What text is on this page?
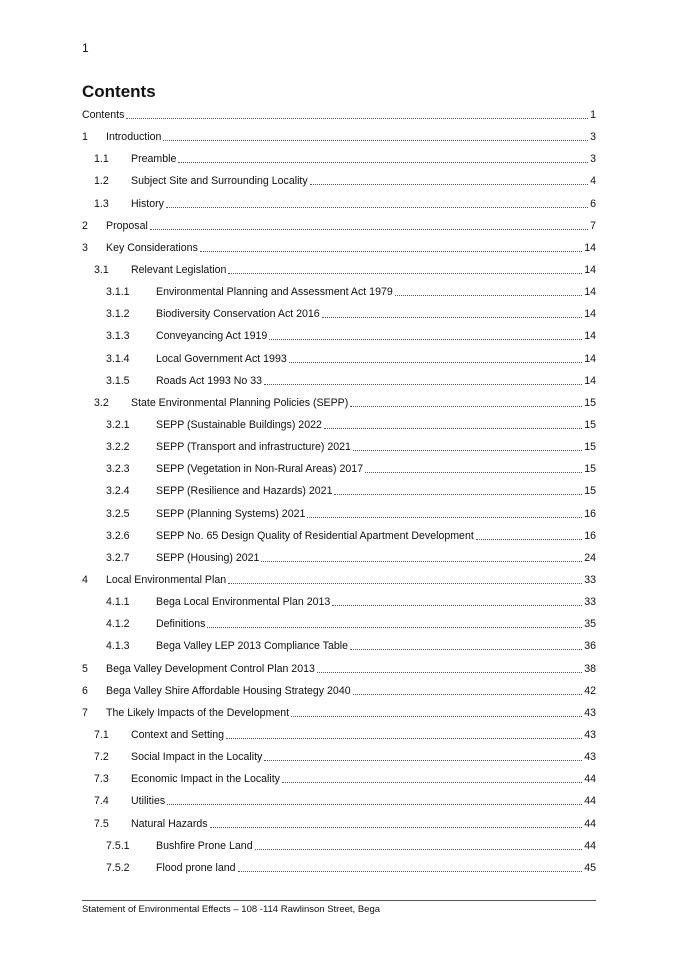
1
Contents
Contents	1
1	Introduction	3
1.1	Preamble	3
1.2	Subject Site and Surrounding Locality	4
1.3	History	6
2	Proposal	7
3	Key Considerations	14
3.1	Relevant Legislation	14
3.1.1	Environmental Planning and Assessment Act 1979	14
3.1.2	Biodiversity Conservation Act 2016	14
3.1.3	Conveyancing Act 1919	14
3.1.4	Local Government Act 1993	14
3.1.5	Roads Act 1993 No 33	14
3.2	State Environmental Planning Policies (SEPP)	15
3.2.1	SEPP (Sustainable Buildings) 2022	15
3.2.2	SEPP (Transport and infrastructure) 2021	15
3.2.3	SEPP (Vegetation in Non-Rural Areas) 2017	15
3.2.4	SEPP (Resilience and Hazards) 2021	15
3.2.5	SEPP (Planning Systems) 2021	16
3.2.6	SEPP No. 65 Design Quality of Residential Apartment Development	16
3.2.7	SEPP (Housing) 2021	24
4	Local Environmental Plan	33
4.1.1	Bega Local Environmental Plan 2013	33
4.1.2	Definitions	35
4.1.3	Bega Valley LEP 2013 Compliance Table	36
5	Bega Valley Development Control Plan 2013	38
6	Bega Valley Shire Affordable Housing Strategy 2040	42
7	The Likely Impacts of the Development	43
7.1	Context and Setting	43
7.2	Social Impact in the Locality	43
7.3	Economic Impact in the Locality	44
7.4	Utilities	44
7.5	Natural Hazards	44
7.5.1	Bushfire Prone Land	44
7.5.2	Flood prone land	45
Statement of Environmental Effects – 108 -114 Rawlinson Street, Bega
